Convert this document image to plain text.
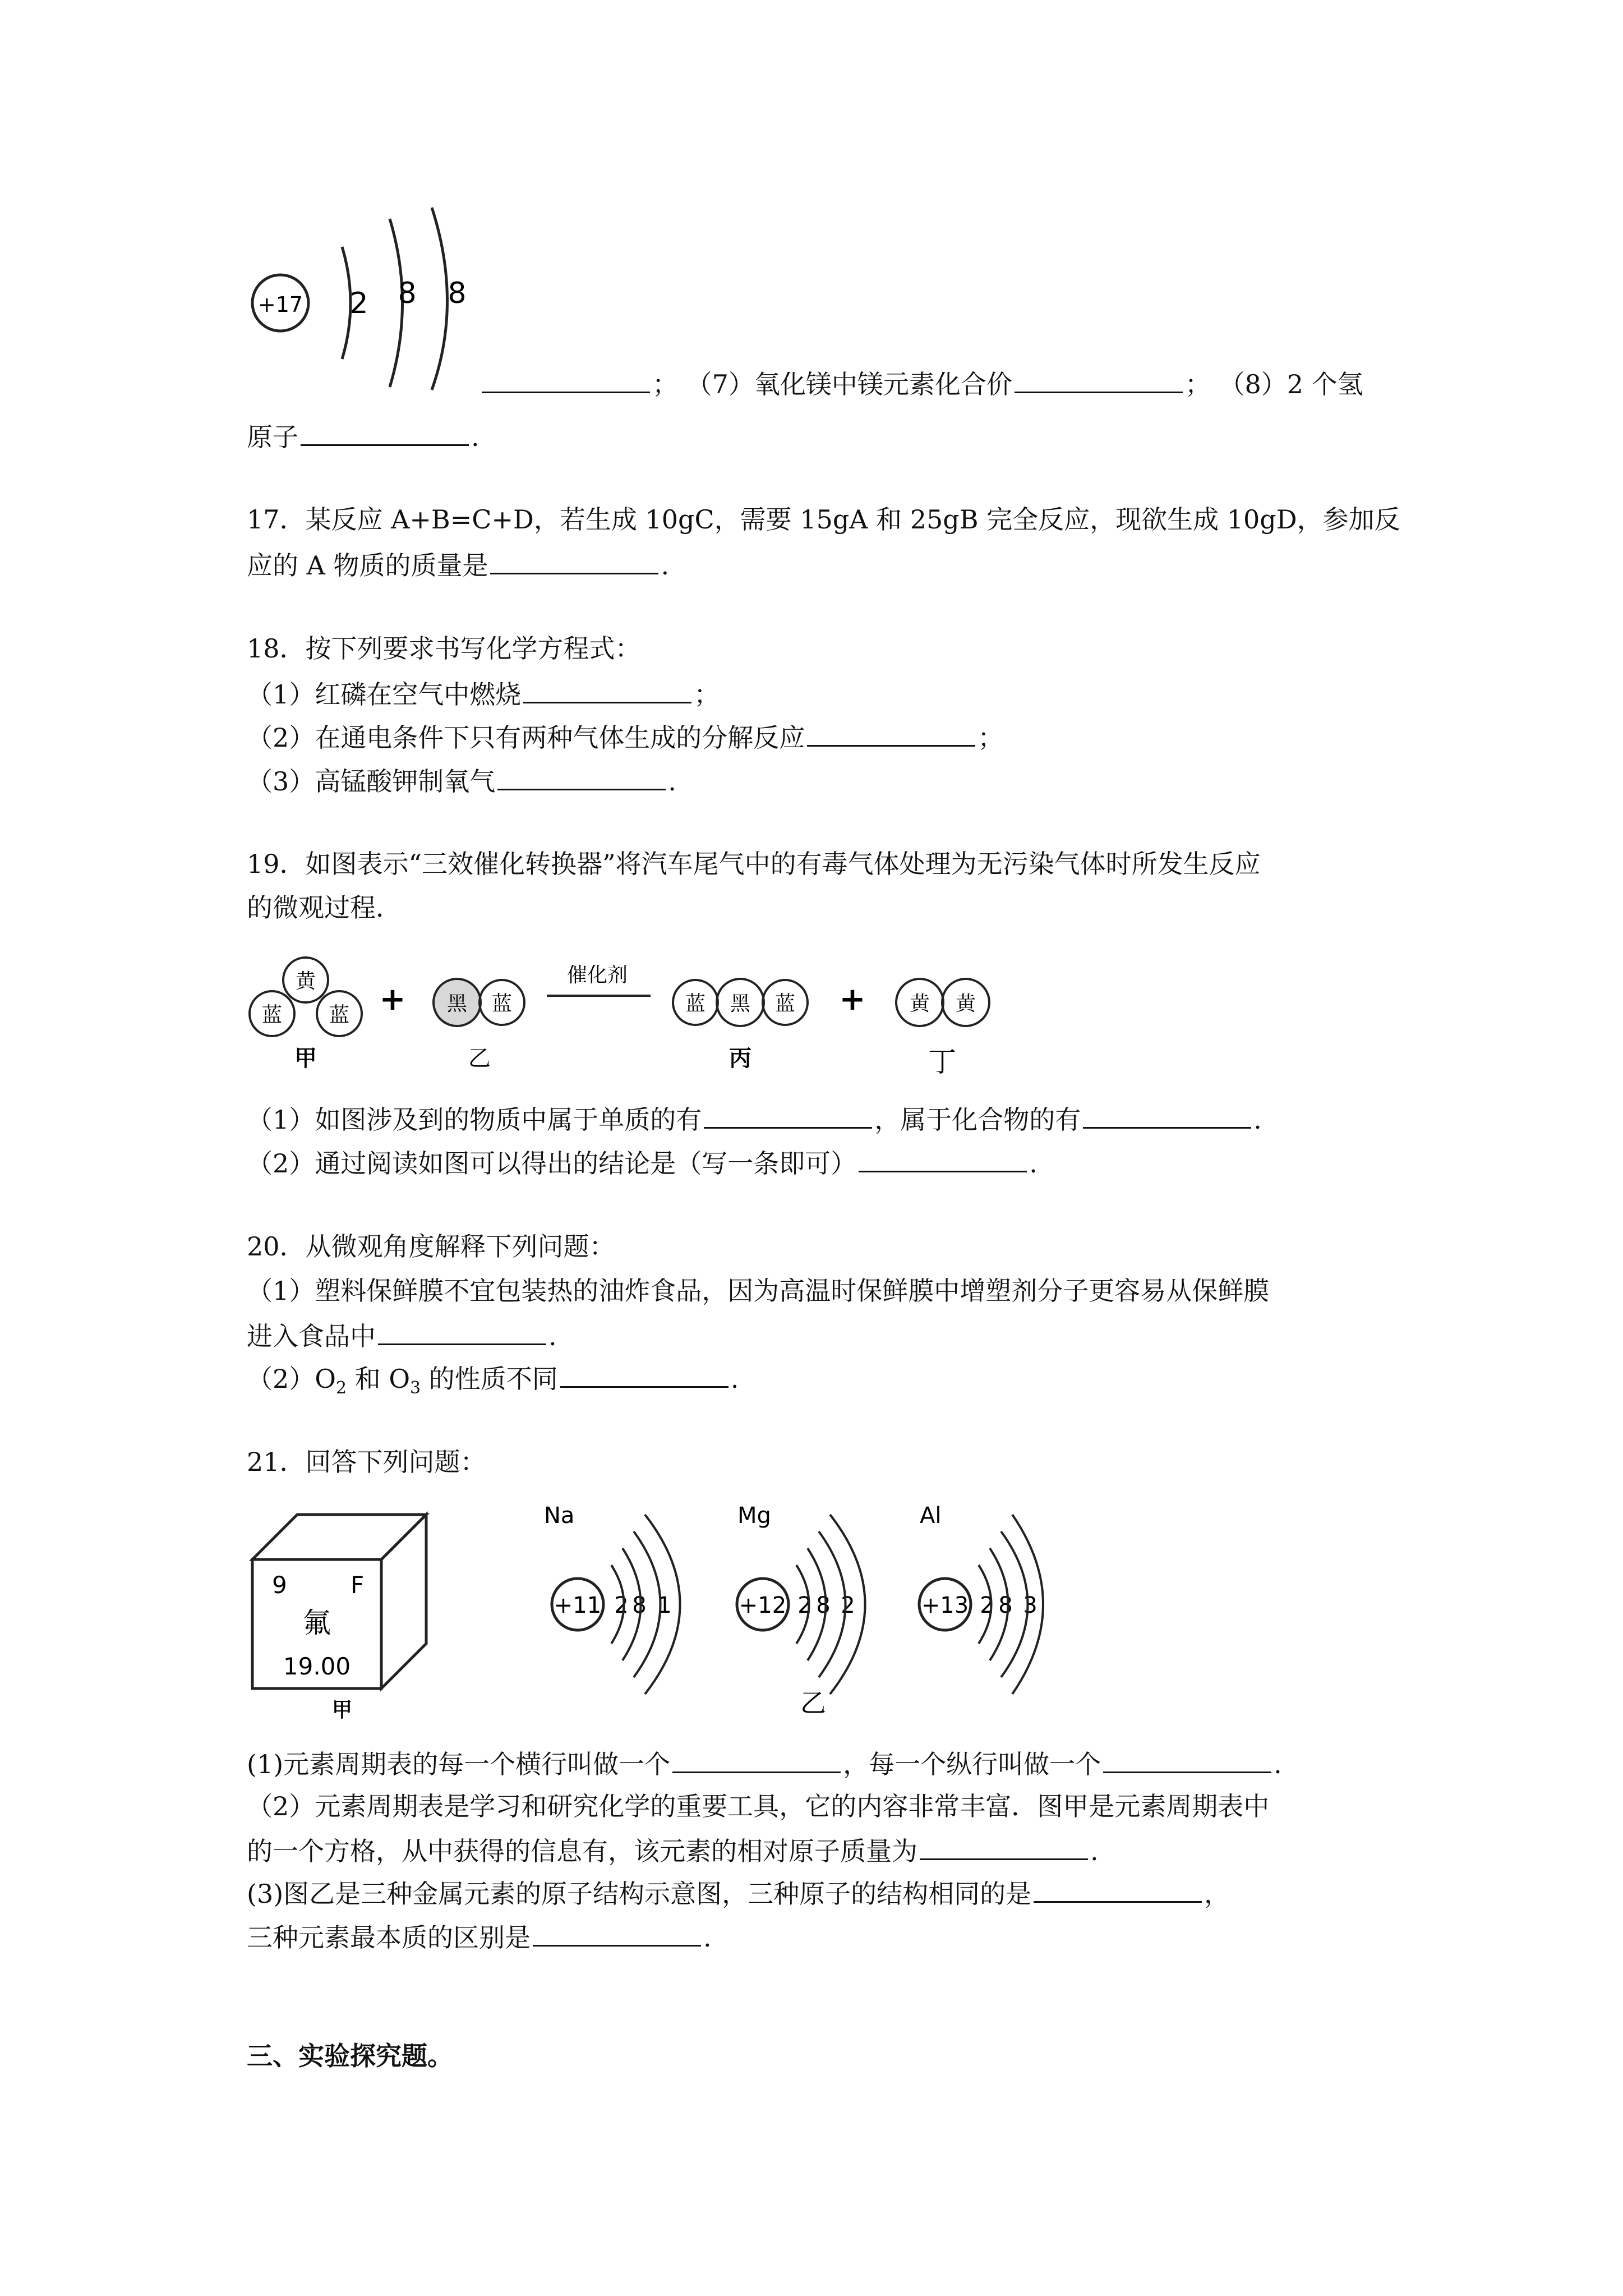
+17 2 8 8
； （7）氧化镁中镁元素化合价	； （8）2 个氢
原子	.
17．某反应 A+B=C+D，若生成 10gC，需要 15gA 和 25gB 完全反应，现欲生成 10gD，参加反
应的 A 物质的质量是	.
18．按下列要求书写化学方程式：
（1）红磷在空气中燃烧	；
（2）在通电条件下只有两种气体生成的分解反应	；
（3）高锰酸钾制氧气	.
19．如图表示“三效催化转换器”将汽车尾气中的有毒气体处理为无污染气体时所发生反应
的微观过程．
黄
蓝 蓝
甲
+ 黑 蓝
乙
催化剂
蓝 黑 蓝
丙
+ 黄 黄
丁
（1）如图涉及到的物质中属于单质的有	，属于化合物的有	.
（2）通过阅读如图可以得出的结论是（写一条即可）	.
20．从微观角度解释下列问题：
（1）塑料保鲜膜不宜包装热的油炸食品，因为高温时保鲜膜中增塑剂分子更容易从保鲜膜
进入食品中	.
$(2)O_2$ 和 $O_3$ 的性质不同	.
21．回答下列问题：
9	F
氟
19.00
甲
Na
+11 2 8 1
Mg
+12 2 8 2
Al
+13 2 8 3
乙
(1)元素周期表的每一个横行叫做一个	，每一个纵行叫做一个	.
（2）元素周期表是学习和研究化学的重要工具，它的内容非常丰富．图甲是元素周期表中
的一个方格，从中获得的信息有，该元素的相对原子质量为	.
(3)图乙是三种金属元素的原子结构示意图，三种原子的结构相同的是	，
三种元素最本质的区别是	.
三、实验探究题。
